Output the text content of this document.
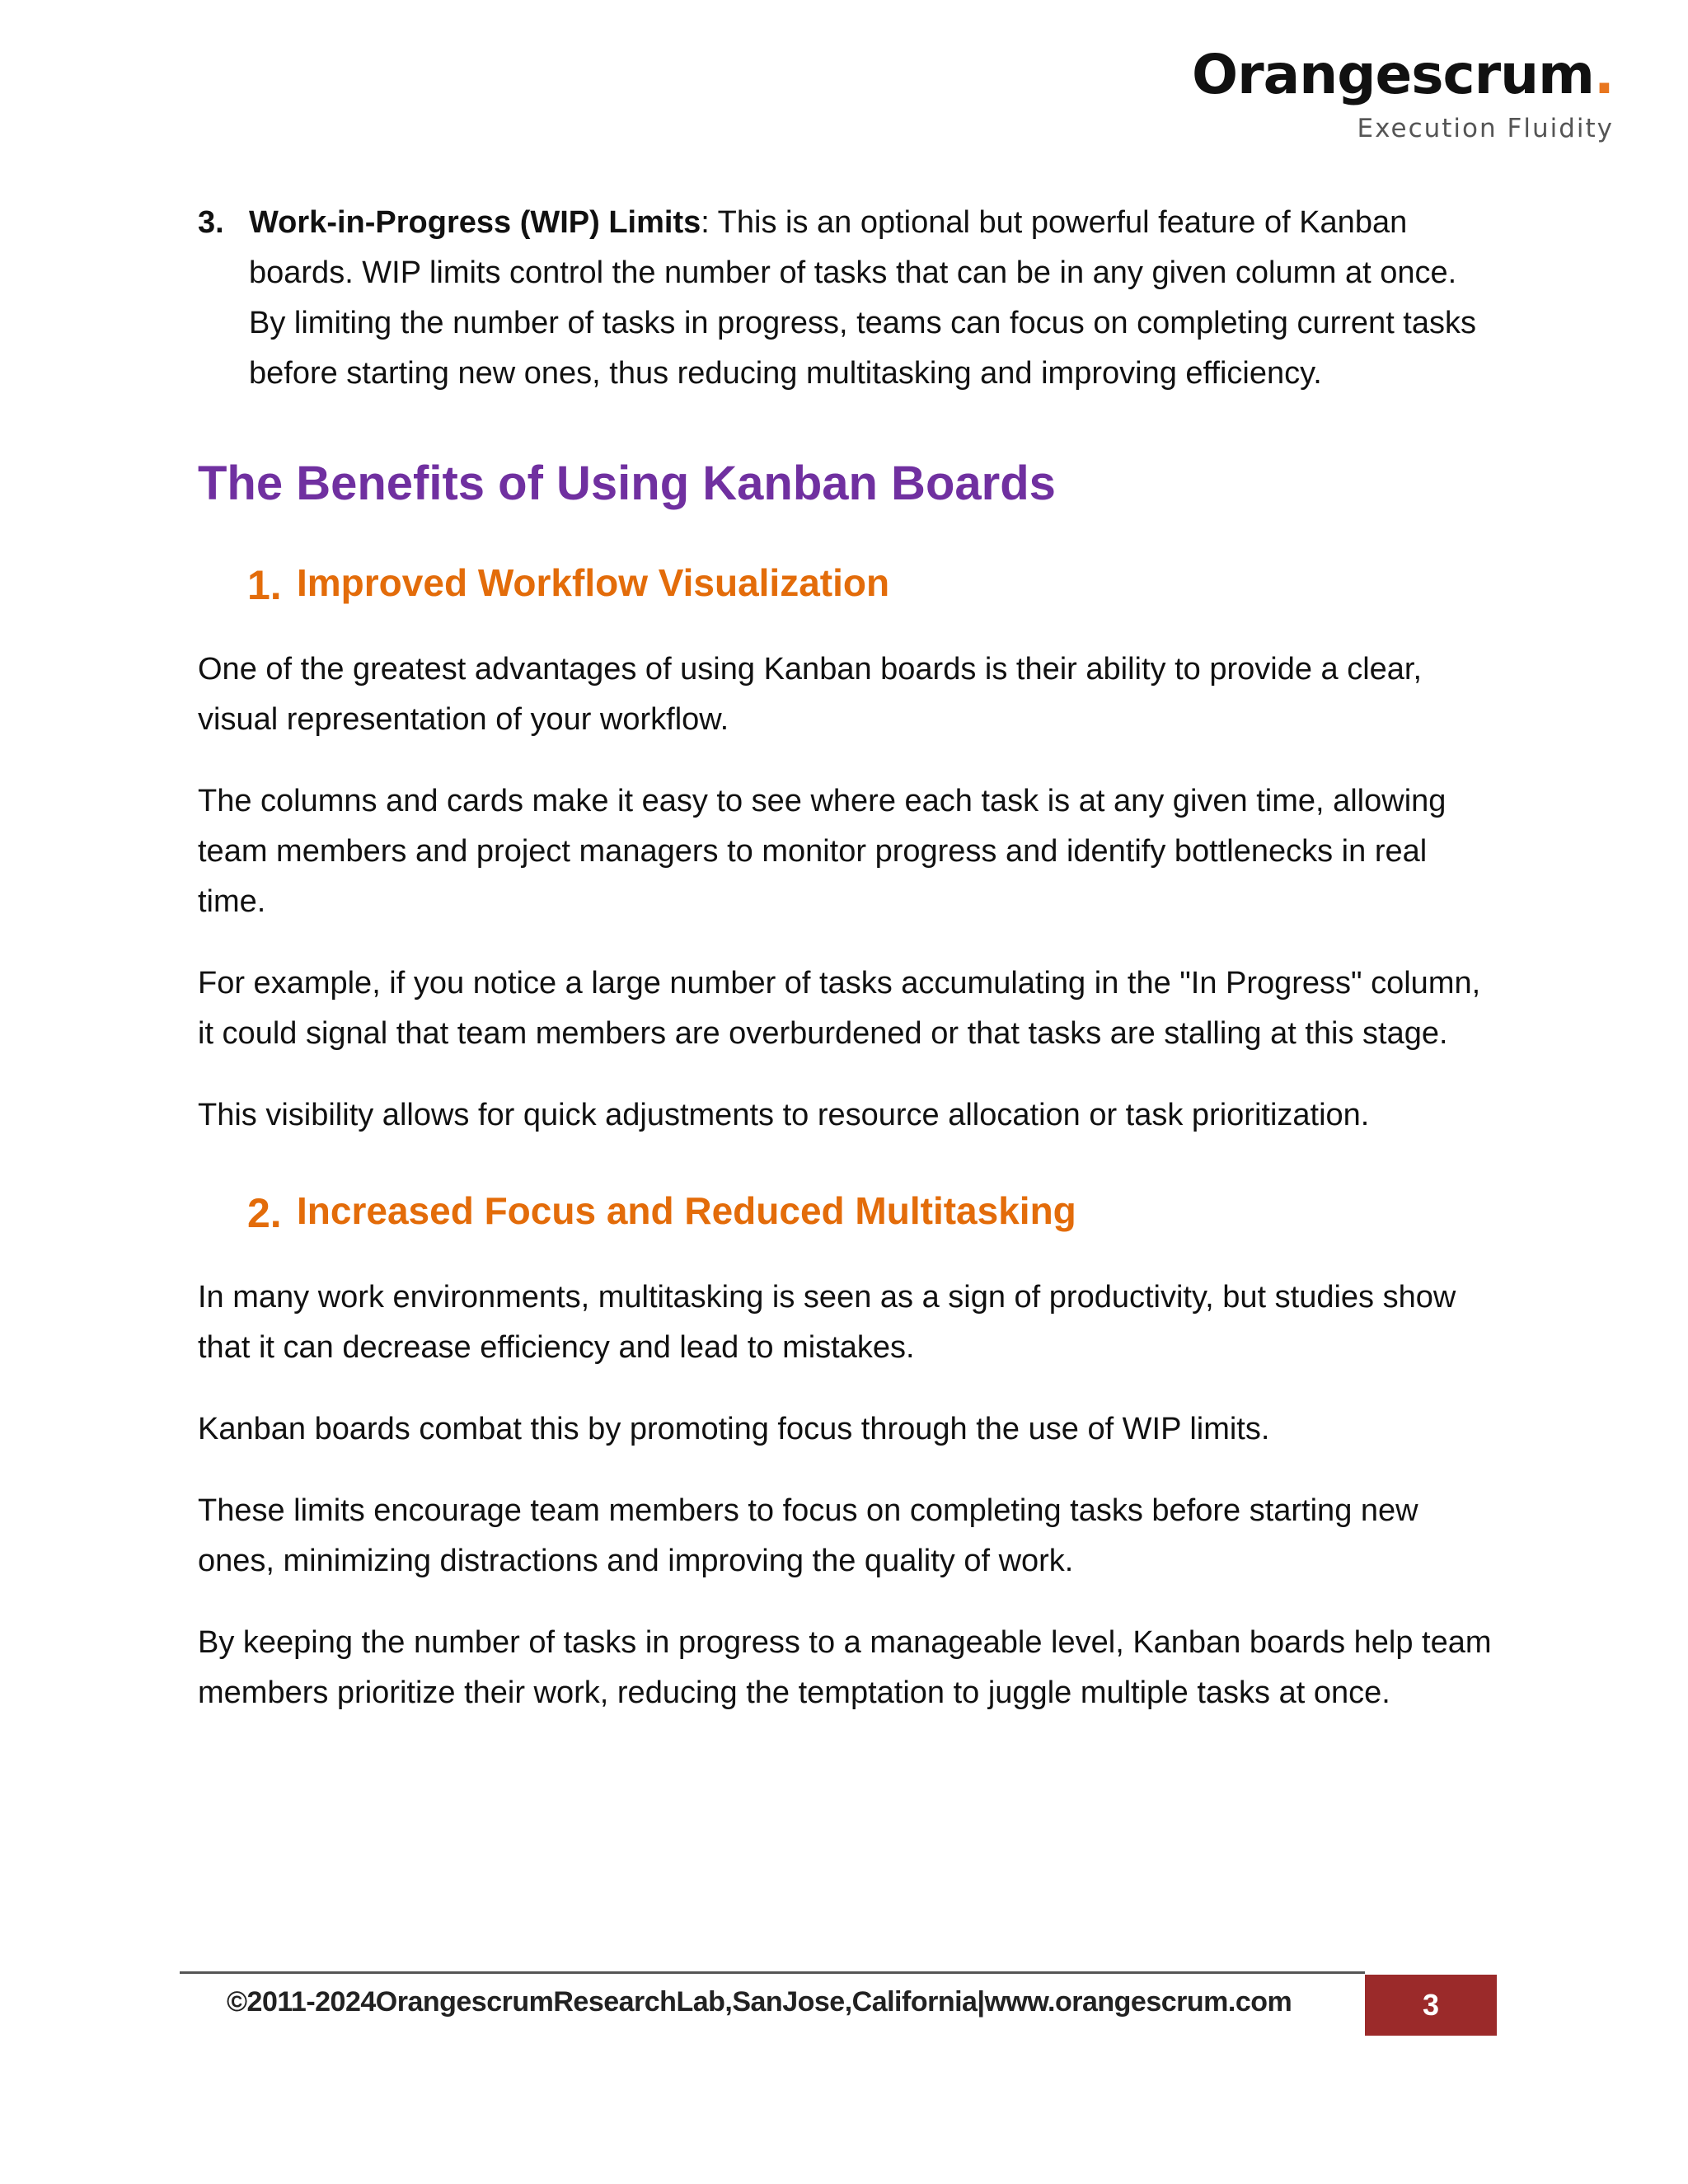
Orangescrum.
Execution Fluidity
3. Work-in-Progress (WIP) Limits: This is an optional but powerful feature of Kanban boards. WIP limits control the number of tasks that can be in any given column at once. By limiting the number of tasks in progress, teams can focus on completing current tasks before starting new ones, thus reducing multitasking and improving efficiency.
The Benefits of Using Kanban Boards
1. Improved Workflow Visualization

One of the greatest advantages of using Kanban boards is their ability to provide a clear, visual representation of your workflow.

The columns and cards make it easy to see where each task is at any given time, allowing team members and project managers to monitor progress and identify bottlenecks in real time.

For example, if you notice a large number of tasks accumulating in the "In Progress" column, it could signal that team members are overburdened or that tasks are stalling at this stage.

This visibility allows for quick adjustments to resource allocation or task prioritization.

2. Increased Focus and Reduced Multitasking

In many work environments, multitasking is seen as a sign of productivity, but studies show that it can decrease efficiency and lead to mistakes.

Kanban boards combat this by promoting focus through the use of WIP limits.

These limits encourage team members to focus on completing tasks before starting new ones, minimizing distractions and improving the quality of work.

By keeping the number of tasks in progress to a manageable level, Kanban boards help team members prioritize their work, reducing the temptation to juggle multiple tasks at once.

©2011-2024OrangescrumResearchLab,SanJose,California|www.orangescrum.com	3
